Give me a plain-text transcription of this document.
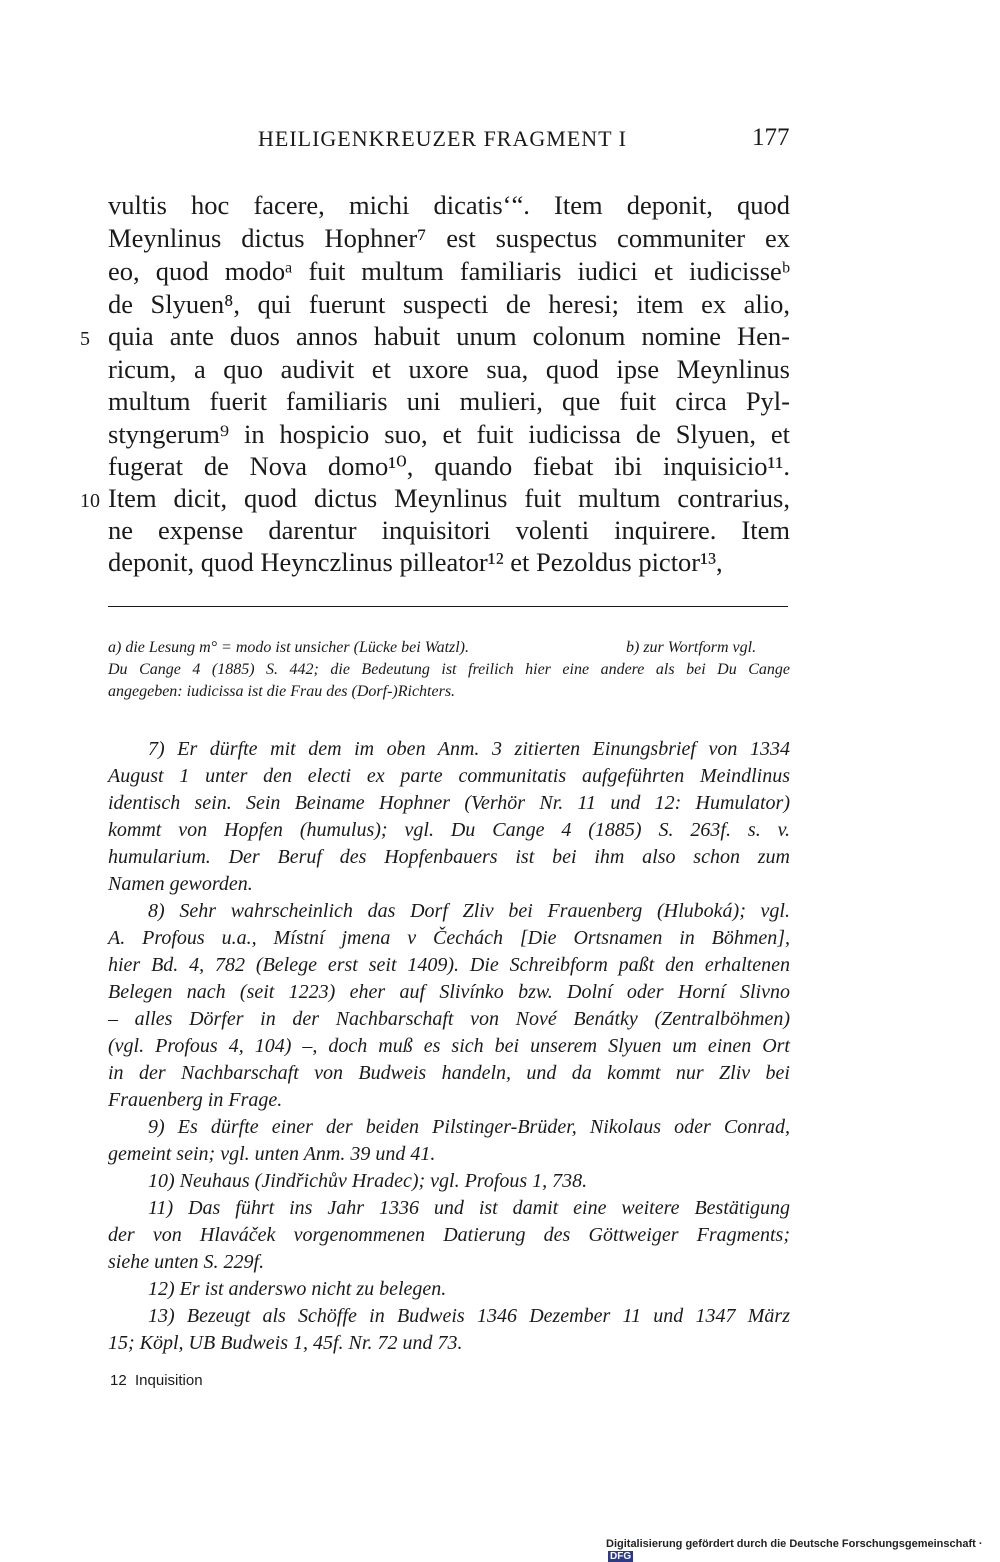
HEILIGENKREUZER FRAGMENT I	177
vultis hoc facere, michi dicatis‘“. Item deponit, quod
Meynlinus dictus Hophner⁷ est suspectus communiter ex
eo, quod modoᵃ fuit multum familiaris iudici et iudicisseᵇ
de Slyuen⁸, qui fuerunt suspecti de heresi; item ex alio,
quia ante duos annos habuit unum colonum nomine Hen-
ricum, a quo audivit et uxore sua, quod ipse Meynlinus
multum fuerit familiaris uni mulieri, que fuit circa Pyl-
styngerum⁹ in hospicio suo, et fuit iudicissa de Slyuen, et
fugerat de Nova domo¹⁰, quando fiebat ibi inquisicio¹¹.
Item dicit, quod dictus Meynlinus fuit multum contrarius,
ne expense darentur inquisitori volenti inquirere. Item
deponit, quod Heynczlinus pilleator¹² et Pezoldus pictor¹³,
5
10
a) die Lesung m° = modo ist unsicher (Lücke bei Watzl).	b) zur Wortform vgl.
Du Cange 4 (1885) S. 442; die Bedeutung ist freilich hier eine andere als bei Du Cange
angegeben: iudicissa ist die Frau des (Dorf-)Richters.
7) Er dürfte mit dem im oben Anm. 3 zitierten Einungsbrief von 1334
August 1 unter den electi ex parte communitatis aufgeführten Meindlinus
identisch sein. Sein Beiname Hophner (Verhör Nr. 11 und 12: Humulator)
kommt von Hopfen (humulus); vgl. Du Cange 4 (1885) S. 263f. s. v.
humularium. Der Beruf des Hopfenbauers ist bei ihm also schon zum
Namen geworden.
8) Sehr wahrscheinlich das Dorf Zliv bei Frauenberg (Hluboká); vgl.
A. Profous u.a., Místní jmena v Čechách [Die Ortsnamen in Böhmen],
hier Bd. 4, 782 (Belege erst seit 1409). Die Schreibform paßt den erhaltenen
Belegen nach (seit 1223) eher auf Slivínko bzw. Dolní oder Horní Slivno
– alles Dörfer in der Nachbarschaft von Nové Benátky (Zentralböhmen)
(vgl. Profous 4, 104) –, doch muß es sich bei unserem Slyuen um einen Ort
in der Nachbarschaft von Budweis handeln, und da kommt nur Zliv bei
Frauenberg in Frage.
9) Es dürfte einer der beiden Pilstinger-Brüder, Nikolaus oder Conrad,
gemeint sein; vgl. unten Anm. 39 und 41.
10) Neuhaus (Jindřichův Hradec); vgl. Profous 1, 738.
11) Das führt ins Jahr 1336 und ist damit eine weitere Bestätigung
der von Hlaváček vorgenommenen Datierung des Göttweiger Fragments;
siehe unten S. 229f.
12) Er ist anderswo nicht zu belegen.
13) Bezeugt als Schöffe in Budweis 1346 Dezember 11 und 1347 März
15; Köpl, UB Budweis 1, 45f. Nr. 72 und 73.
12  Inquisition
Digitalisierung gefördert durch die Deutsche Forschungsgemeinschaft · DFG
